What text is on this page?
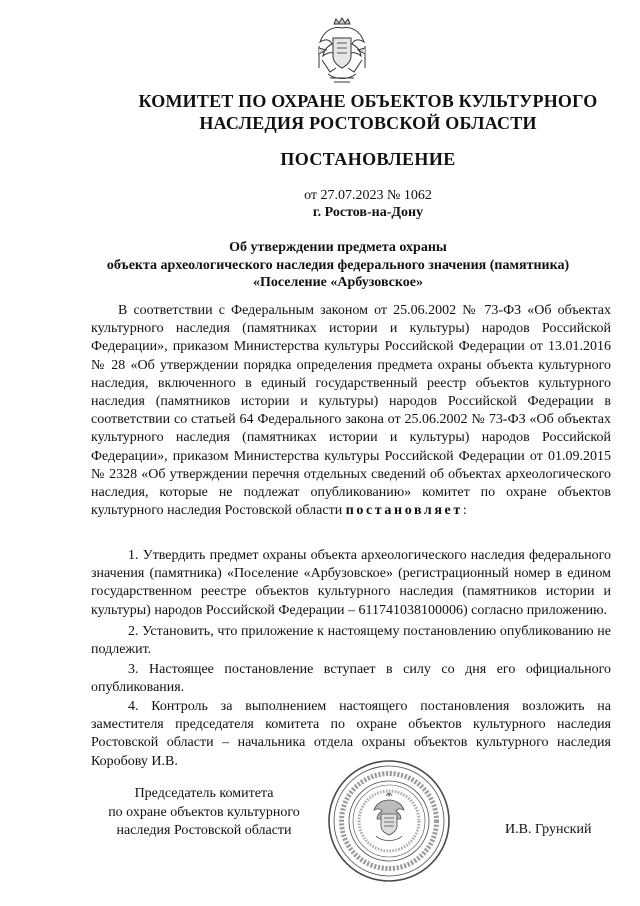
КОМИТЕТ ПО ОХРАНЕ ОБЪЕКТОВ КУЛЬТУРНОГО
НАСЛЕДИЯ РОСТОВСКОЙ ОБЛАСТИ
ПОСТАНОВЛЕНИЕ
от 27.07.2023 № 1062
г. Ростов-на-Дону
Об утверждении предмета охраны
объекта археологического наследия федерального значения (памятника)
«Поселение «Арбузовское»
В соответствии с Федеральным законом от 25.06.2002 № 73-ФЗ «Об объектах культурного наследия (памятниках истории и культуры) народов Российской Федерации», приказом Министерства культуры Российской Федерации от 13.01.2016 № 28 «Об утверждении порядка определения предмета охраны объекта культурного наследия, включенного в единый государственный реестр объектов культурного наследия (памятников истории и культуры) народов Российской Федерации в соответствии со статьей 64 Федерального закона от 25.06.2002 № 73-ФЗ «Об объектах культурного наследия (памятниках истории и культуры) народов Российской Федерации», приказом Министерства культуры Российской Федерации от 01.09.2015 № 2328 «Об утверждении перечня отдельных сведений об объектах археологического наследия, которые не подлежат опубликованию» комитет по охране объектов культурного наследия Ростовской области постановляет:
1. Утвердить предмет охраны объекта археологического наследия федерального значения (памятника) «Поселение «Арбузовское» (регистрационный номер в едином государственном реестре объектов культурного наследия (памятников истории и культуры) народов Российской Федерации – 611741038100006) согласно приложению.
2. Установить, что приложение к настоящему постановлению опубликованию не подлежит.
3. Настоящее постановление вступает в силу со дня его официального опубликования.
4. Контроль за выполнением настоящего постановления возложить на заместителя председателя комитета по охране объектов культурного наследия Ростовской области – начальника отдела охраны объектов культурного наследия Коробову И.В.
Председатель комитета
по охране объектов культурного
наследия Ростовской области	И.В. Грунский
